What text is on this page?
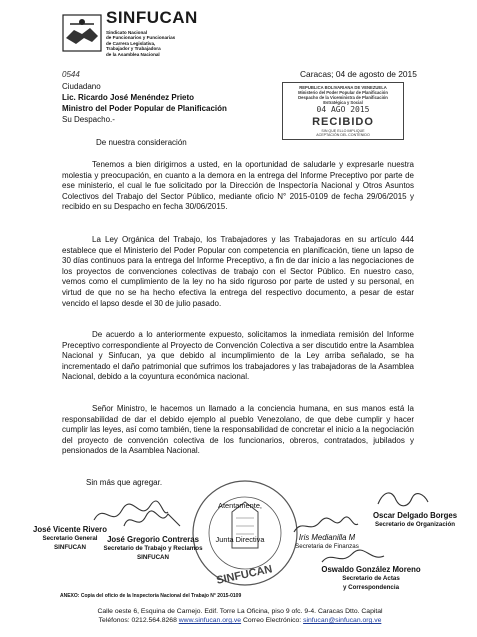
SINFUCAN
Sindicato Nacional
de Funcionarios y Funcionarias
de Carrera Legislativa,
Trabajador y Trabajadora
de la Asamblea Nacional
0544	Caracas; 04 de agosto de 2015
REPUBLICA BOLIVARIANA DE VENEZUELA
Ministerio del Poder Popular de Planificación
Despacho de la Viceministra de Planificación
Estratégica y Social
04 AGO 2015
RECIBIDO
SIN QUE ELLO IMPLIQUE
ACEPTACIÓN DEL CONTENIDO
Ciudadano
Lic. Ricardo José Menéndez Prieto
Ministro del Poder Popular de Planificación
Su Despacho.-
De nuestra consideración
Tenemos a bien dirigirnos a usted, en la oportunidad de saludarle y expresarle nuestra molestia y preocupación, en cuanto a la demora en la entrega del Informe Preceptivo por parte de ese ministerio, el cual le fue solicitado por la Dirección de Inspectoría Nacional y Otros Asuntos Colectivos del Trabajo del Sector Público, mediante oficio N° 2015-0109 de fecha 29/06/2015 y recibido en su Despacho en fecha 30/06/2015.
La Ley Orgánica del Trabajo, los Trabajadores y las Trabajadoras en su artículo 444 establece que el Ministerio del Poder Popular con competencia en planificación, tiene un lapso de 30 días continuos para la entrega del Informe Preceptivo, a fin de dar inicio a las negociaciones de los proyectos de convenciones colectivas de trabajo con el Sector Público. En nuestro caso, vemos como el cumplimiento de la ley no ha sido riguroso por parte de usted y su personal, en virtud de que no se ha hecho efectiva la entrega del respectivo documento, a pesar de estar vencido el lapso desde el 30 de julio pasado.
De acuerdo a lo anteriormente expuesto, solicitamos la inmediata remisión del Informe Preceptivo correspondiente al Proyecto de Convención Colectiva a ser discutido entre la Asamblea Nacional y Sinfucan, ya que debido al incumplimiento de la Ley arriba señalado, se ha incrementado el daño patrimonial que sufrimos los trabajadores y las trabajadoras de la Asamblea Nacional, debido a la coyuntura económica nacional.
Señor Ministro, le hacemos un llamado a la conciencia humana, en sus manos está la responsabilidad de dar el debido ejemplo al pueblo Venezolano, de que debe cumplir y hacer cumplir las leyes, así como también, tiene la responsabilidad de concretar el inicio a la negociación del proyecto de convención colectiva de los funcionarios, obreros, contratados, jubilados y pensionados de la Asamblea Nacional.
Sin más que agregar.
SINFUCAN
Atentamente,
José Vicente Rivero
Secretario General
SINFUCAN
José Gregorio Contreras
Secretario de Trabajo y Reclamos
SINFUCAN
Junta Directiva	Iris Medianilla M
Secretaria de Finanzas
Oscar Delgado Borges
Secretario de Organización
Oswaldo González Moreno
Secretario de Actas
y Correspondencia
ANEXO: Copia del oficio de la Inspectoría Nacional del Trabajo N° 2015-0109
Calle oeste 6, Esquina de Carnejo. Edif. Torre La Oficina, piso 9 ofc. 9-4. Caracas Dtto. Capital
Teléfonos: 0212.564.8268 www.sinfucan.org.ve Correo Electrónico: sinfucan@sinfucan.org.ve
